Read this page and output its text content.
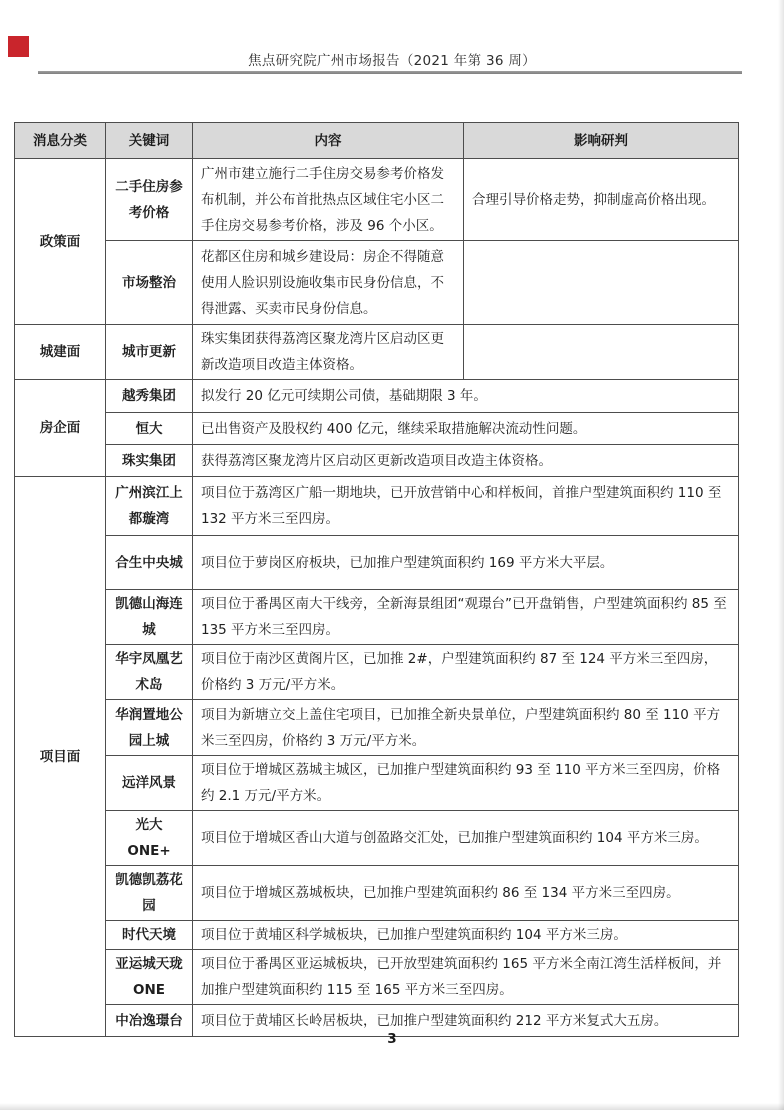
焦点研究院广州市场报告（2021 年第 36 周）
消息分类	关键词	内容	影响研判
政策面	二手住房参考价格	广州市建立施行二手住房交易参考价格发布机制，并公布首批热点区域住宅小区二手住房交易参考价格，涉及 96 个小区。	合理引导价格走势，抑制虚高价格出现。
	市场整治	花都区住房和城乡建设局：房企不得随意使用人脸识别设施收集市民身份信息，不得泄露、买卖市民身份信息。	
城建面	城市更新	珠实集团获得荔湾区聚龙湾片区启动区更新改造项目改造主体资格。	
房企面	越秀集团	拟发行 20 亿元可续期公司债，基础期限 3 年。	
	恒大	已出售资产及股权约 400 亿元，继续采取措施解决流动性问题。	
	珠实集团	获得荔湾区聚龙湾片区启动区更新改造项目改造主体资格。	
项目面	广州滨江上都璇湾	项目位于荔湾区广船一期地块，已开放营销中心和样板间，首推户型建筑面积约 110 至 132 平方米三至四房。	
	合生中央城	项目位于萝岗区府板块，已加推户型建筑面积约 169 平方米大平层。	
	凯德山海连城	项目位于番禺区南大干线旁，全新海景组团“观璟台”已开盘销售，户型建筑面积约 85 至 135 平方米三至四房。	
	华宇凤凰艺术岛	项目位于南沙区黄阁片区，已加推 2#，户型建筑面积约 87 至 124 平方米三至四房，价格约 3 万元/平方米。	
	华润置地公园上城	项目为新塘立交上盖住宅项目，已加推全新央景单位，户型建筑面积约 80 至 110 平方米三至四房，价格约 3 万元/平方米。	
	远洋风景	项目位于增城区荔城主城区，已加推户型建筑面积约 93 至 110 平方米三至四房，价格约 2.1 万元/平方米。	
	光大 ONE+	项目位于增城区香山大道与创盈路交汇处，已加推户型建筑面积约 104 平方米三房。	
	凯德凯荔花园	项目位于增城区荔城板块，已加推户型建筑面积约 86 至 134 平方米三至四房。	
	时代天境	项目位于黄埔区科学城板块，已加推户型建筑面积约 104 平方米三房。	
	亚运城天珑 ONE	项目位于番禺区亚运城板块，已开放型建筑面积约 165 平方米全南江湾生活样板间，并加推户型建筑面积约 115 至 165 平方米三至四房。	
	中冶逸璟台	项目位于黄埔区长岭居板块，已加推户型建筑面积约 212 平方米复式大五房。	
3
